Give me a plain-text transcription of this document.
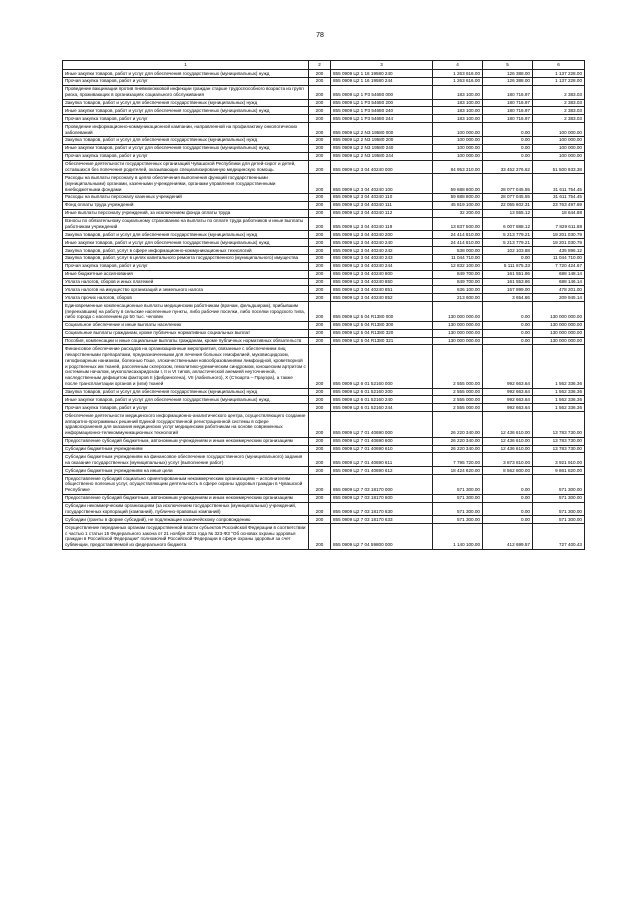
78
1	2	3	4	5	6
Иные закупки товаров, работ и услуг для обеспечения государственных (муниципальных) нужд	200	855 0909 Ц2 1 16 19580 240	1 263 616.00	126 388.00	1 137 228.00
Прочая закупка товаров, работ и услуг	200	855 0909 Ц2 1 16 19580 244	1 263 616.00	126 388.00	1 137 228.00
Проведение вакцинации против пневмококковой инфекции граждан старше трудоспособного возраста из групп риска, проживающих в организациях социального обслуживания	200	855 0909 Ц2 1 P3 54680 000	183 100.00	180 716.97	2 383.03
Закупка товаров, работ и услуг для обеспечения государственных (муниципальных) нужд	200	855 0909 Ц2 1 P3 54680 200	183 100.00	180 716.97	2 383.03
Иные закупки товаров, работ и услуг для обеспечения государственных (муниципальных) нужд	200	855 0909 Ц2 1 P3 54680 240	183 100.00	180 716.97	2 383.03
Прочая закупка товаров, работ и услуг	200	855 0909 Ц2 1 P3 54680 244	183 100.00	180 716.97	2 383.03
Проведение информационно-коммуникационной кампании, направленной на профилактику онкологических заболеваний	200	855 0909 Ц2 2 N3 19580 000	100 000.00	0.00	100 000.00
Закупка товаров, работ и услуг для обеспечения государственных (муниципальных) нужд	200	855 0909 Ц2 2 N3 19580 200	100 000.00	0.00	100 000.00
Иные закупки товаров, работ и услуг для обеспечения государственных (муниципальных) нужд	200	855 0909 Ц2 2 N3 19580 240	100 000.00	0.00	100 000.00
Прочая закупка товаров, работ и услуг	200	855 0909 Ц2 2 N3 19580 244	100 000.00	0.00	100 000.00
Обеспечение деятельности государственных организаций Чувашской Республики для детей-сирот и детей, оставшихся без попечения родителей, оказывающих специализированную медицинскую помощь	200	855 0909 Ц2 3 04 40240 000	84 953 310.00	33 452 376.62	51 500 933.38
Расходы на выплаты персоналу в целях обеспечения выполнения функций государственными (муниципальными) органами, казенными учреждениями, органами управления государственными внебюджетными фондами	200	855 0909 Ц2 3 04 40240 100	59 688 800.00	28 077 045.55	31 611 754.45
Расходы на выплаты персоналу казенных учреждений	200	855 0909 Ц2 3 04 40240 110	59 688 800.00	28 077 045.55	31 611 754.45
Фонд оплаты труда учреждений	200	855 0909 Ц2 3 04 40240 111	45 819 100.00	22 055 602.31	23 763 497.69
Иные выплаты персоналу учреждений, за исключением фонда оплаты труда	200	855 0909 Ц2 3 04 40240 112	32 200.00	13 555.12	18 644.88
Взносы по обязательному социальному страхованию на выплаты по оплате труда работников и иные выплаты работникам учреждений	200	855 0909 Ц2 3 04 40240 119	13 837 500.00	6 007 888.12	7 829 611.88
Закупка товаров, работ и услуг для обеспечения государственных (муниципальных) нужд	200	855 0909 Ц2 3 04 40240 200	24 414 810.00	5 213 779.21	19 201 030.79
Иные закупки товаров, работ и услуг для обеспечения государственных (муниципальных) нужд	200	855 0909 Ц2 3 04 40240 240	24 414 810.00	5 213 779.21	19 201 030.79
Закупка товаров, работ, услуг в сфере информационно-коммуникационных технологий	200	855 0909 Ц2 3 04 40240 242	538 000.00	102 103.88	435 896.12
Закупка товаров, работ, услуг в целях капитального ремонта государственного (муниципального) имущества	200	855 0909 Ц2 3 04 40240 243	11 044 710.00	0.00	11 044 710.00
Прочая закупка товаров, работ и услуг	200	855 0909 Ц2 3 04 40240 244	12 832 100.00	5 111 675.33	7 720 424.67
Иные бюджетные ассигнования	200	855 0909 Ц2 3 04 40240 800	849 700.00	161 551.86	688 148.14
Уплата налогов, сборов и иных платежей	200	855 0909 Ц2 3 04 40240 850	849 700.00	161 553.86	688 146.14
Уплата налогов на имущество организаций и земельного налога	200	855 0909 Ц2 3 04 40240 851	636 100.00	157 899.00	478 201.00
Уплата прочих налогов, сборов	200	855 0909 Ц2 3 04 40240 852	213 600.00	3 654.86	209 945.14
Единовременные компенсационные выплаты медицинским работникам (врачам, фельдшерам), прибывшим (переехавшим) на работу в сельские населенные пункты, либо рабочие поселки, либо поселки городского типа, либо города с населением до 50 тыс. человек	200	855 0909 Ц2 5 04 R1380 000	130 000 000.00	0.00	130 000 000.00
Социальное обеспечение и иные выплаты населению	200	855 0909 Ц2 5 04 R1380 300	130 000 000.00	0.00	130 000 000.00
Социальные выплаты гражданам, кроме публичных нормативных социальных выплат	200	855 0909 Ц2 5 04 R1380 320	130 000 000.00	0.00	130 000 000.00
Пособия, компенсации и иные социальные выплаты гражданам, кроме публичных нормативных обязательств	200	855 0909 Ц2 5 04 R1380 321	130 000 000.00	0.00	130 000 000.00
Финансовое обеспечение расходов на организационные мероприятия, связанные с обеспечением лиц лекарственными препаратами, предназначенными для лечения больных гемофилией, муковисцидозом, гипофизарным нанизмом, болезнью Гоше, злокачественными новообразованиями лимфоидной, кроветворной и родственных им тканей, рассеянным склерозом, гемолитико-уремическим синдромом, юношеским артритом с системным началом, мукополисахаридозом I, II и VI типов, апластической анемией неуточненной, наследственным дефицитом факторов II (фибриногена), VII (лабильного), X (Стюарта – Прауэра), а также после трансплантации органов и (или) тканей	200	855 0909 Ц2 6 01 52160 000	2 555 000.00	992 663.64	1 562 336.36
Закупка товаров, работ и услуг для обеспечения государственных (муниципальных) нужд	200	855 0909 Ц2 6 01 52160 200	2 555 000.00	992 663.64	1 562 336.36
Иные закупки товаров, работ и услуг для обеспечения государственных (муниципальных) нужд	200	855 0909 Ц2 6 01 52160 240	2 555 000.00	992 663.64	1 562 336.36
Прочая закупка товаров, работ и услуг	200	855 0909 Ц2 6 01 52160 244	2 555 000.00	992 663.64	1 562 336.36
Обеспечение деятельности медицинского информационно-аналитического центра, осуществляющего создание аппаратно-программных решений Единой государственной регистрационной системы в сфере здравоохранения для оказания медицинских услуг медицинским работникам на основе современных информационно-телекоммуникационных технологий	200	855 0909 Ц2 7 01 40690 000	26 220 340.00	12 436 610.00	13 783 730.00
Предоставление субсидий бюджетным, автономным учреждениям и иным некоммерческим организациям	200	855 0909 Ц2 7 01 40690 600	26 220 340.00	12 436 610.00	13 783 730.00
Субсидии бюджетным учреждениям	200	855 0909 Ц2 7 01 40690 610	26 220 340.00	12 436 610.00	13 783 730.00
Субсидии бюджетным учреждениям на финансовое обеспечение государственного (муниципального) задания на оказание государственных (муниципальных) услуг (выполнение работ)	200	855 0909 Ц2 7 01 40690 611	7 795 720.00	3 873 810.00	3 921 910.00
Субсидии бюджетным учреждениям на иные цели	200	855 0909 Ц2 7 01 40690 612	18 424 620.00	8 562 800.00	9 861 820.00
Предоставление субсидий социально ориентированным некоммерческим организациям – исполнителям общественно полезных услуг, осуществляющим деятельность в сфере охраны здоровья граждан в Чувашской Республике	200	855 0909 Ц2 7 03 18170 000	571 300.00	0.00	571 300.00
Предоставление субсидий бюджетным, автономным учреждениям и иным некоммерческим организациям	200	855 0909 Ц2 7 03 18170 600	571 300.00	0.00	571 300.00
Субсидии некоммерческим организациям (за исключением государственных (муниципальных) учреждений, государственных корпораций (компаний), публично-правовых компаний)	200	855 0909 Ц2 7 03 18170 630	571 300.00	0.00	571 300.00
Субсидии (гранты в форме субсидий), не подлежащие казначейскому сопровождению	200	855 0909 Ц2 7 03 18170 633	571 300.00	0.00	571 300.00
Осуществление переданных органам государственной власти субъектов Российской Федерации в соответствии с частью 1 статьи 15 Федерального закона от 21 ноября 2011 года № 323-ФЗ "Об основах охраны здоровья граждан в Российской Федерации" полномочий Российской Федерации в сфере охраны здоровья за счет субвенции, предоставляемой из федерального бюджета	200	855 0909 Ц2 7 04 59800 000	1 140 100.00	412 699.57	727 400.43
